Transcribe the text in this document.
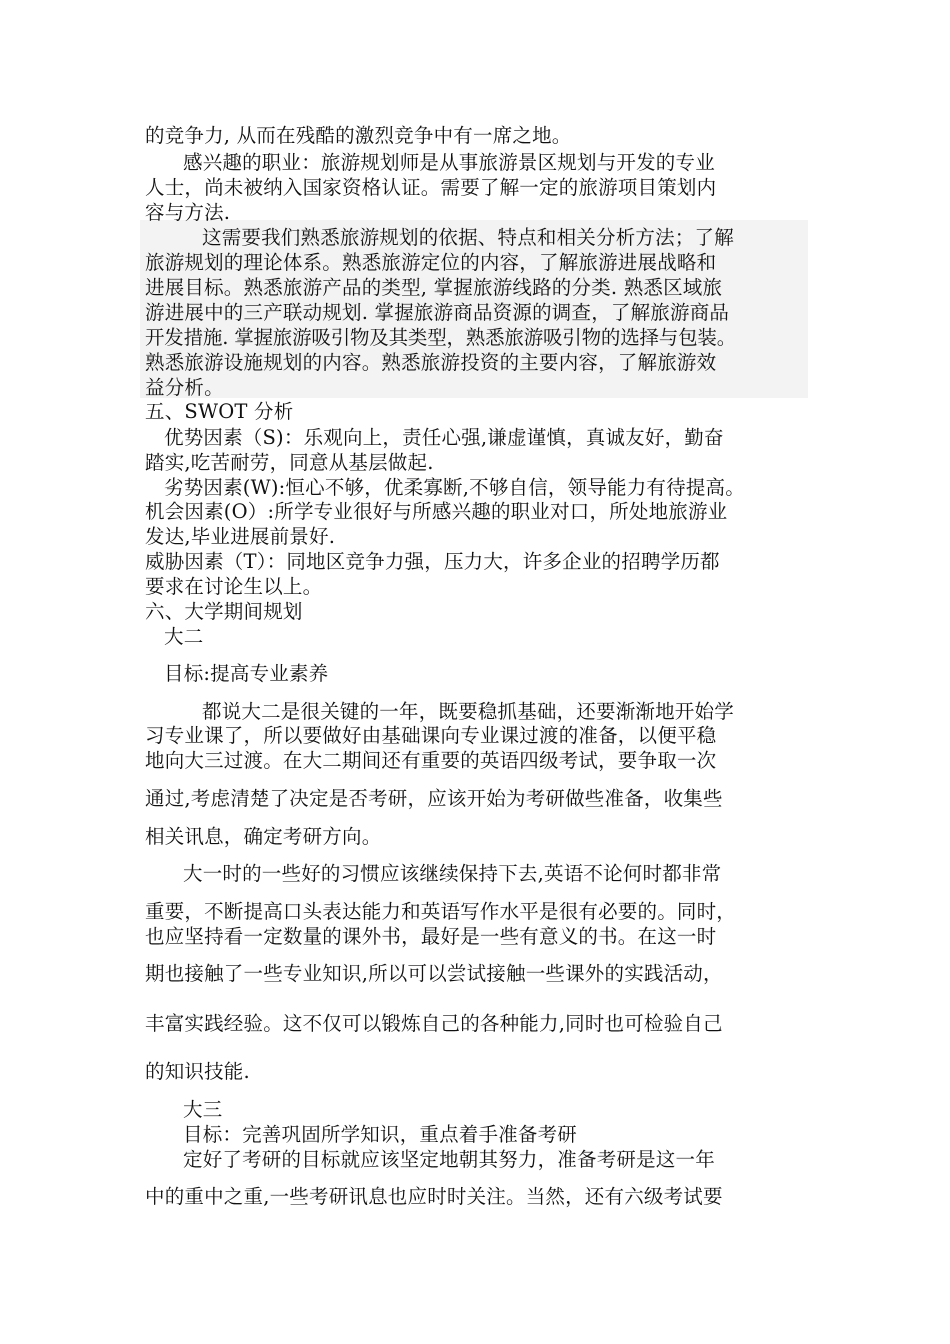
的竞争力, 从而在残酷的激烈竞争中有一席之地。
感兴趣的职业：旅游规划师是从事旅游景区规划与开发的专业
人士，尚未被纳入国家资格认证。需要了解一定的旅游项目策划内
容与方法.
这需要我们熟悉旅游规划的依据、特点和相关分析方法；了解
旅游规划的理论体系。熟悉旅游定位的内容，了解旅游进展战略和
进展目标。熟悉旅游产品的类型, 掌握旅游线路的分类. 熟悉区域旅
游进展中的三产联动规划. 掌握旅游商品资源的调查，了解旅游商品
开发措施. 掌握旅游吸引物及其类型，熟悉旅游吸引物的选择与包装。
熟悉旅游设施规划的内容。熟悉旅游投资的主要内容，了解旅游效
益分析。
五、SWOT 分析
优势因素（S)：乐观向上，责任心强,谦虚谨慎，真诚友好，勤奋
踏实,吃苦耐劳，同意从基层做起.
劣势因素(W):恒心不够，优柔寡断,不够自信，领导能力有待提高。
机会因素(O）:所学专业很好与所感兴趣的职业对口，所处地旅游业
发达,毕业进展前景好.
威胁因素（T）：同地区竞争力强，压力大，许多企业的招聘学历都
要求在讨论生以上。
六、大学期间规划
大二
目标:提高专业素养
都说大二是很关键的一年，既要稳抓基础，还要渐渐地开始学
习专业课了，所以要做好由基础课向专业课过渡的准备，以便平稳
地向大三过渡。在大二期间还有重要的英语四级考试，要争取一次
通过,考虑清楚了决定是否考研，应该开始为考研做些准备，收集些
相关讯息，确定考研方向。
大一时的一些好的习惯应该继续保持下去,英语不论何时都非常
重要，不断提高口头表达能力和英语写作水平是很有必要的。同时，
也应坚持看一定数量的课外书，最好是一些有意义的书。在这一时
期也接触了一些专业知识,所以可以尝试接触一些课外的实践活动，
丰富实践经验。这不仅可以锻炼自己的各种能力,同时也可检验自己
的知识技能.
大三
目标：完善巩固所学知识，重点着手准备考研
定好了考研的目标就应该坚定地朝其努力，准备考研是这一年
中的重中之重,一些考研讯息也应时时关注。当然，还有六级考试要
